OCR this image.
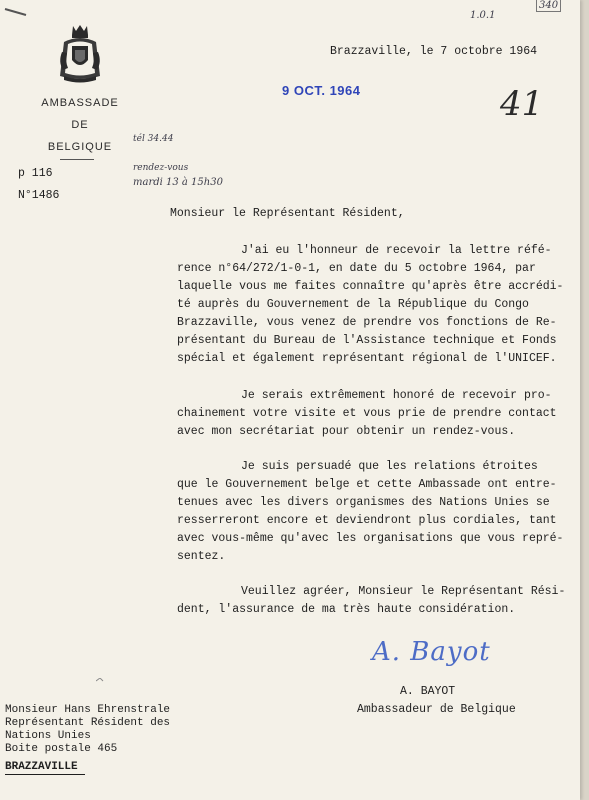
1.0.1
340
AMBASSADE
DE
BELGIQUE
tél 34.44
rendez-vous
mardi 13 à 15h30
p 116
N°1486
Brazzaville, le 7 octobre 1964
9 OCT. 1964	41
Monsieur le Représentant Résident,

J'ai eu l'honneur de recevoir la lettre réfé-

rence n°64/272/1-0-1, en date du 5 octobre 1964, par

laquelle vous me faites connaître qu'après être accrédi-

té auprès du Gouvernement de la République du Congo

Brazzaville, vous venez de prendre vos fonctions de Re-

présentant du Bureau de l'Assistance technique et Fonds

spécial et également représentant régional de l'UNICEF.

Je serais extrêmement honoré de recevoir pro-

chainement votre visite et vous prie de prendre contact

avec mon secrétariat pour obtenir un rendez-vous.

Je suis persuadé que les relations étroites

que le Gouvernement belge et cette Ambassade ont entre-

tenues avec les divers organismes des Nations Unies se

resserreront encore et deviendront plus cordiales, tant

avec vous-même qu'avec les organisations que vous repré-

sentez.

Veuillez agréer, Monsieur le Représentant Rési-

dent, l'assurance de ma très haute considération.

A. Bayot
A. BAYOT
Ambassadeur de Belgique

Monsieur Hans Ehrenstrale

Représentant Résident des

Nations Unies

Boite postale 465

BRAZZAVILLE
